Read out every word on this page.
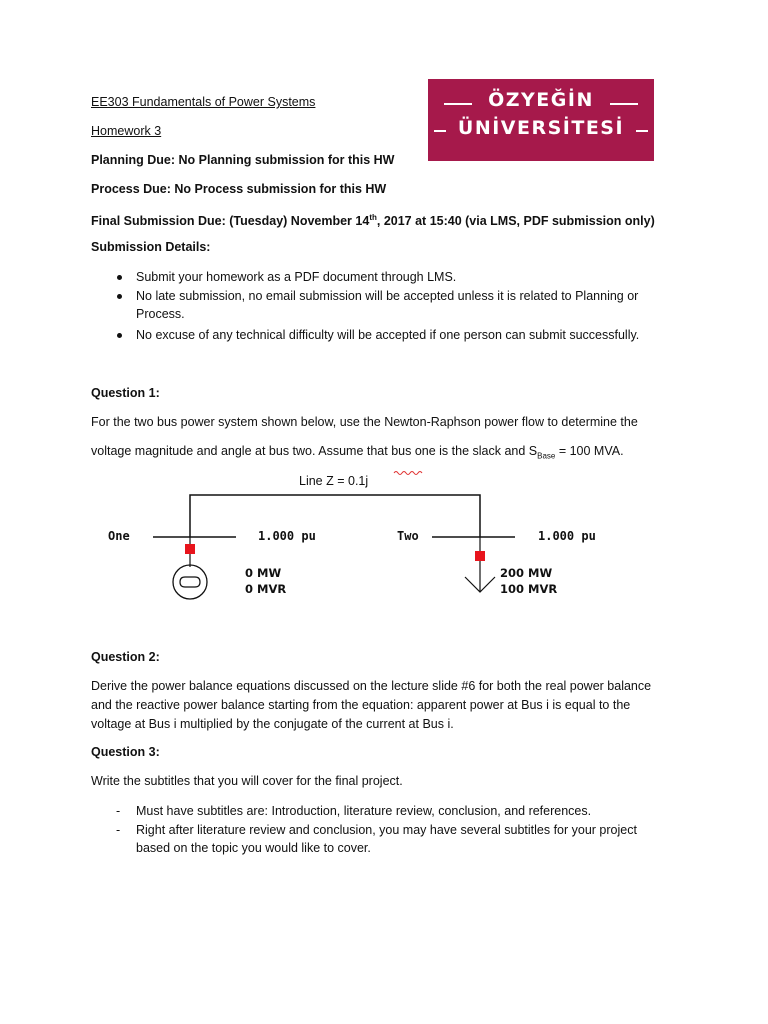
EE303 Fundamentals of Power Systems
Homework 3
Planning Due: No Planning submission for this HW
Process Due: No Process submission for this HW
Final Submission Due: (Tuesday) November 14th, 2017 at 15:40 (via LMS, PDF submission only)
Submission Details:
ÖZYEĞİN
ÜNİVERSİTESİ
Submit your homework as a PDF document through LMS.
No late submission, no email submission will be accepted unless it is related to Planning or
Process.
No excuse of any technical difficulty will be accepted if one person can submit successfully.
Question 1:
For the two bus power system shown below, use the Newton-Raphson power flow to determine the
voltage magnitude and angle at bus two. Assume that bus one is the slack and $S_{Base} = 100$ MVA.
Line Z = 0.1j
One	1.000 pu	Two	1.000 pu
0 MW
0 MVR
200 MW
100 MVR
Question 2:
Derive the power balance equations discussed on the lecture slide #6 for both the real power balance
and the reactive power balance starting from the equation: apparent power at Bus i is equal to the
voltage at Bus i multiplied by the conjugate of the current at Bus i.
Question 3:
Write the subtitles that you will cover for the final project.
- Must have subtitles are: Introduction, literature review, conclusion, and references.
- Right after literature review and conclusion, you may have several subtitles for your project
based on the topic you would like to cover.
